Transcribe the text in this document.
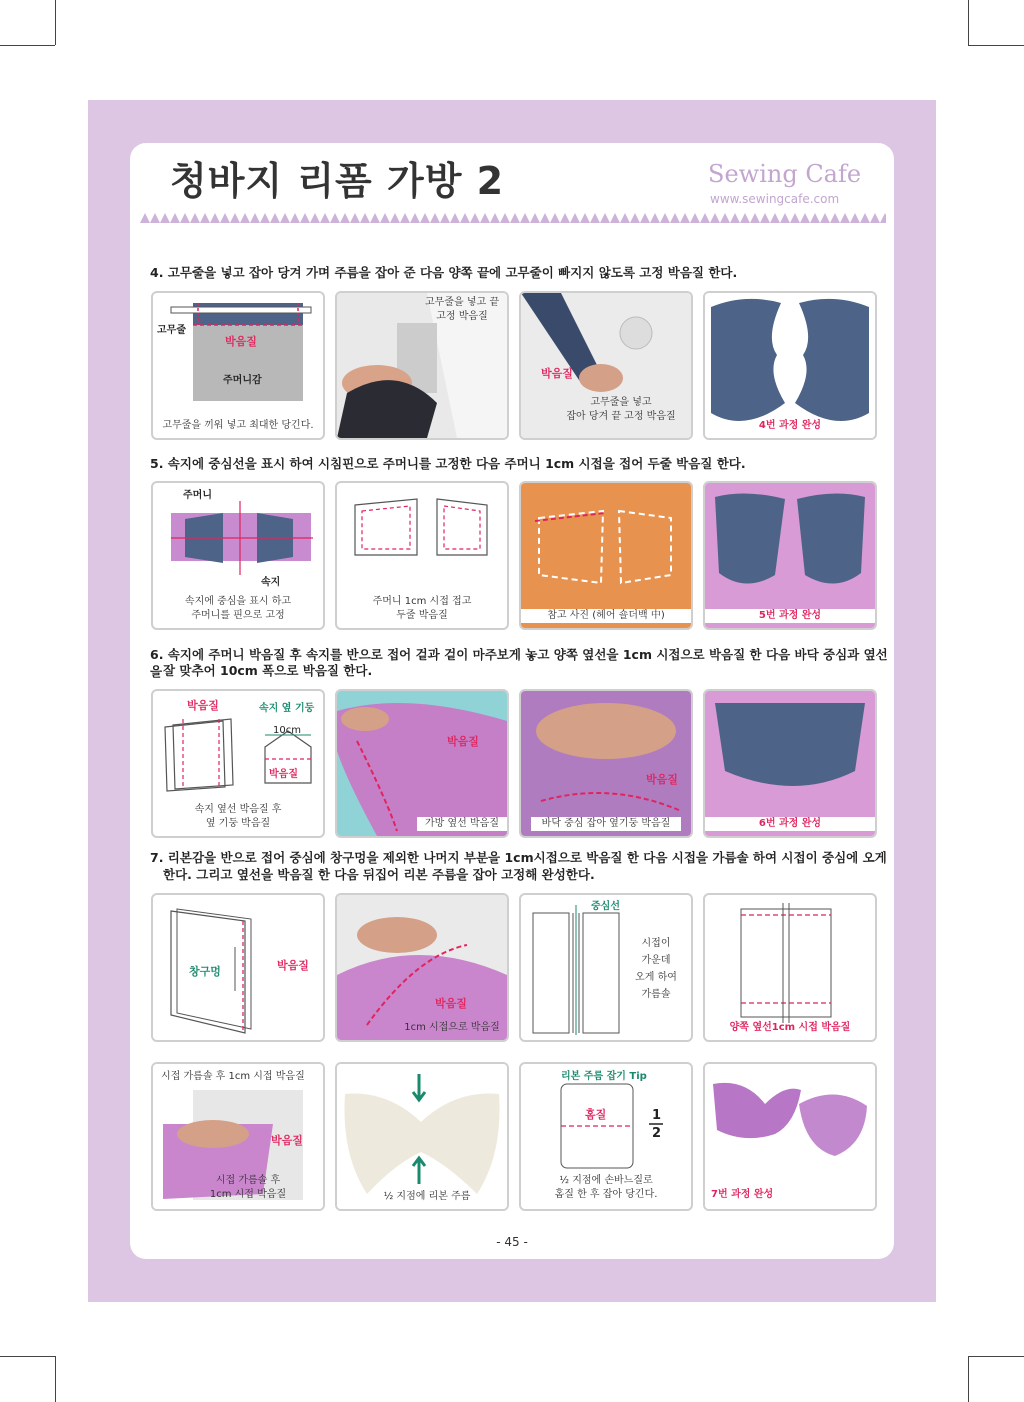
청바지 리폼 가방 2	Sewing Cafe
www.sewingcafe.com
4. 고무줄을 넣고 잡아 당겨 가며 주름을 잡아 준 다음 양쪽 끝에 고무줄이 빠지지 않도록 고정 박음질 한다.
고무줄
박음질
주머니감
고무줄을 끼워 넣고 최대한 당긴다.
고무줄을 넣고 끝
고정 박음질
박음질
고무줄을 넣고
잡아 당겨 끝 고정 박음질
4번 과정 완성
5. 속지에 중심선을 표시 하여 시침핀으로 주머니를 고정한 다음 주머니 1cm 시접을 접어 두줄 박음질 한다.
주머니
속지
속지에 중심을 표시 하고
주머니를 핀으로 고정
주머니 1cm 시접 접고
두줄 박음질	참고 사진 (헤어 숄더백 中)	5번 과정 완성
6. 속지에 주머니 박음질 후 속지를 반으로 접어 겉과 겉이 마주보게 놓고 양쪽 옆선을 1cm 시접으로 박음질 한 다음 바닥 중심과 옆선을 잘 맞추어 10cm 폭으로 박음질 한다.
박음질	속지 옆 기둥
10cm
박음질
속지 옆선 박음질 후
옆 기둥 박음질
박음질
가방 옆선 박음질
박음질
바닥 중심 잡아 옆기둥 박음질	6번 과정 완성
7. 리본감을 반으로 접어 중심에 창구멍을 제외한 나머지 부분을 1cm시접으로 박음질 한 다음 시접을 가름솔 하여 시접이 중심에 오게
한다. 그리고 옆선을 박음질 한 다음 뒤집어 리본 주름을 잡아 고정해 완성한다.
창구멍	박음질
박음질
1cm 시접으로 박음질
중심선
시접이
가운데
오게 하여
가름솔
양쪽 옆선1cm 시접 박음질
시접 가름솔 후 1cm 시접 박음질
박음질
시접 가름솔 후
1cm 시접 박음질	½ 지점에 리본 주름
리본 주름 잡기 Tip
홈질	1
2
½ 지점에 손바느질로
홈질 한 후 잡아 당긴다.	7번 과정 완성
- 45 -
